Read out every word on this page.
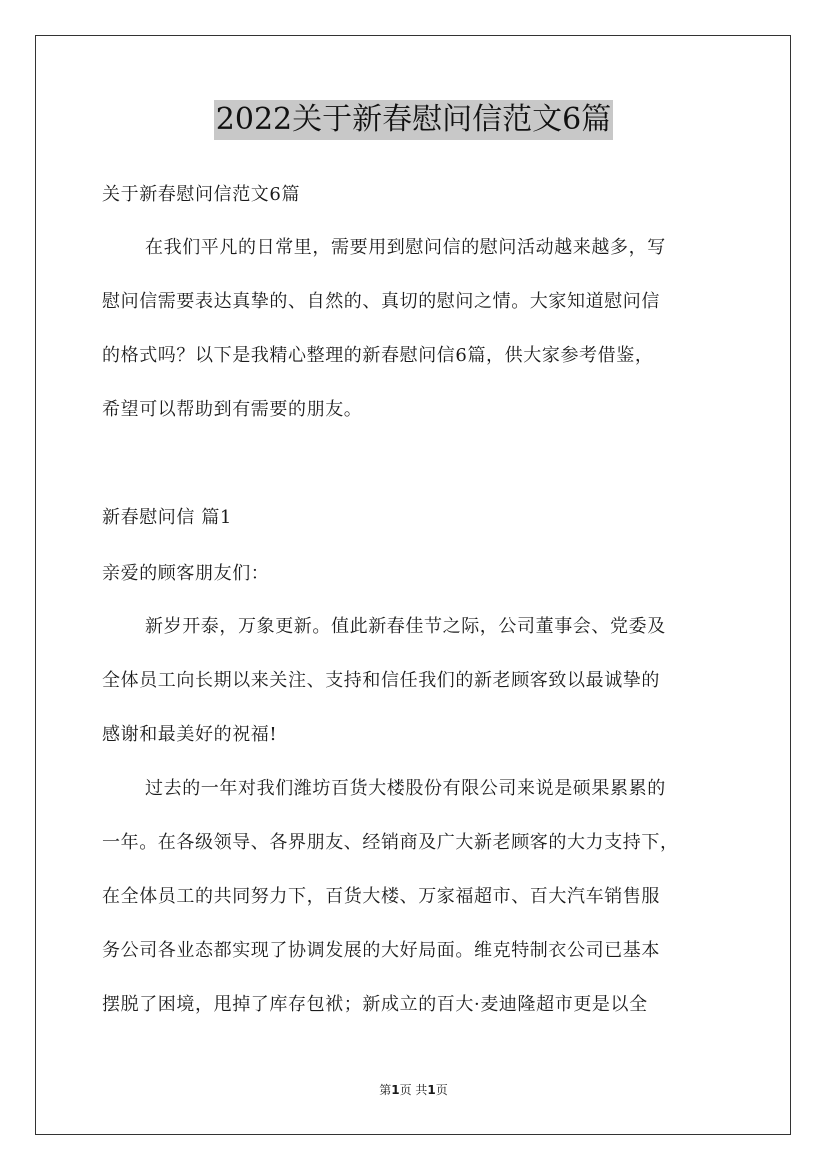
2022关于新春慰问信范文6篇
关于新春慰问信范文6篇
在我们平凡的日常里，需要用到慰问信的慰问活动越来越多，写
慰问信需要表达真挚的、自然的、真切的慰问之情。大家知道慰问信
的格式吗？以下是我精心整理的新春慰问信6篇，供大家参考借鉴，
希望可以帮助到有需要的朋友。
新春慰问信 篇1
亲爱的顾客朋友们：
新岁开泰，万象更新。值此新春佳节之际，公司董事会、党委及
全体员工向长期以来关注、支持和信任我们的新老顾客致以最诚挚的
感谢和最美好的祝福!
过去的一年对我们潍坊百货大楼股份有限公司来说是硕果累累的
一年。在各级领导、各界朋友、经销商及广大新老顾客的大力支持下，
在全体员工的共同努力下，百货大楼、万家福超市、百大汽车销售服
务公司各业态都实现了协调发展的大好局面。维克特制衣公司已基本
摆脱了困境，甩掉了库存包袱；新成立的百大·麦迪隆超市更是以全
第1页 共1页
